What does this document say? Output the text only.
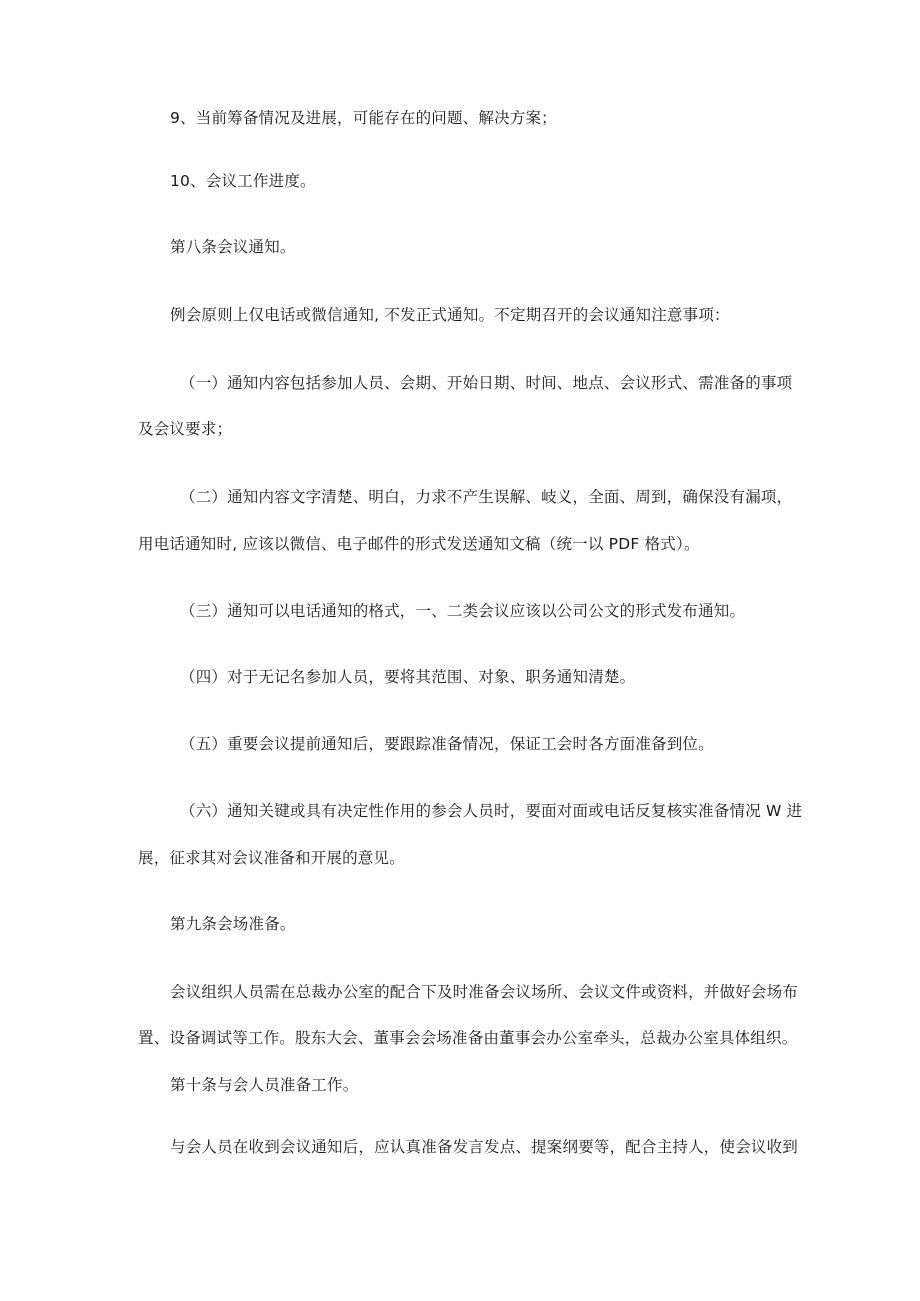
9、当前筹备情况及进展，可能存在的问题、解决方案；
10、会议工作进度。
第八条会议通知。
例会原则上仅电话或微信通知, 不发正式通知。不定期召开的会议通知注意事项：
（一）通知内容包括参加人员、会期、开始日期、时间、地点、会议形式、需准备的事项
及会议要求；
（二）通知内容文字清楚、明白，力求不产生误解、岐义，全面、周到，确保没有漏项，
用电话通知时, 应该以微信、电子邮件的形式发送通知文稿（统一以 PDF 格式）。
（三）通知可以电话通知的格式，一、二类会议应该以公司公文的形式发布通知。
（四）对于无记名参加人员，要将其范围、对象、职务通知清楚。
（五）重要会议提前通知后，要跟踪准备情况，保证工会时各方面准备到位。
（六）通知关键或具有决定性作用的参会人员时，要面对面或电话反复核实准备情况 W 进
展，征求其对会议准备和开展的意见。
第九条会场准备。
会议组织人员需在总裁办公室的配合下及时准备会议场所、会议文件或资料，并做好会场布
置、设备调试等工作。股东大会、董事会会场准备由董事会办公室牵头，总裁办公室具体组织。
第十条与会人员准备工作。
与会人员在收到会议通知后，应认真准备发言发点、提案纲要等，配合主持人，使会议收到
